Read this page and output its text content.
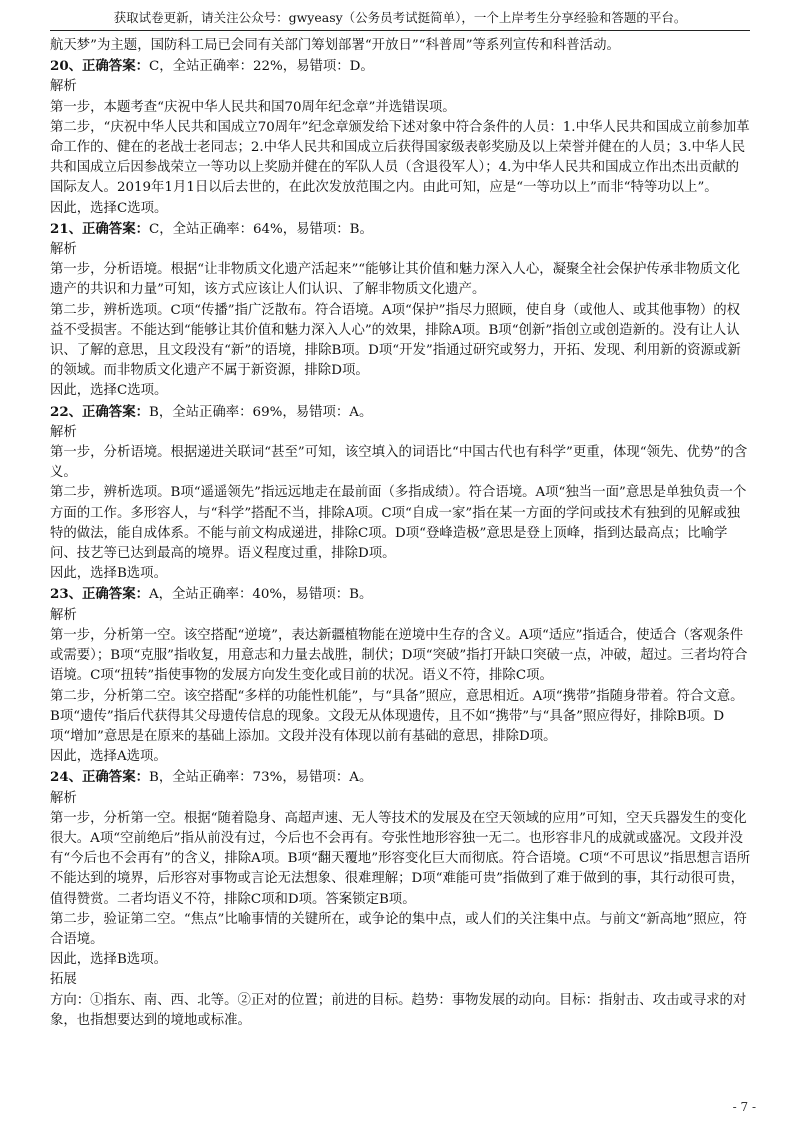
获取试卷更新，请关注公众号：gwyeasy（公务员考试挺简单），一个上岸考生分享经验和答题的平台。

航天梦”为主题，国防科工局已会同有关部门筹划部署“开放日”“科普周”等系列宣传和科普活动。

20、正确答案：C，全站正确率：22%，易错项：D。

解析

第一步，本题考查“庆祝中华人民共和国70周年纪念章”并选错误项。

第二步，“庆祝中华人民共和国成立70周年”纪念章颁发给下述对象中符合条件的人员：1.中华人民共和国成立前参加革命工作的、健在的老战士老同志；2.中华人民共和国成立后获得国家级表彰奖励及以上荣誉并健在的人员；3.中华人民共和国成立后因参战荣立一等功以上奖励并健在的军队人员（含退役军人）；4.为中华人民共和国成立作出杰出贡献的国际友人。2019年1月1日以后去世的，在此次发放范围之内。由此可知，应是“一等功以上”而非“特等功以上”。

因此，选择C选项。

21、正确答案：C，全站正确率：64%，易错项：B。

解析

第一步，分析语境。根据“让非物质文化遗产活起来”“能够让其价值和魅力深入人心，凝聚全社会保护传承非物质文化遗产的共识和力量”可知，该方式应该让人们认识、了解非物质文化遗产。

第二步，辨析选项。C项“传播”指广泛散布。符合语境。A项“保护”指尽力照顾，使自身（或他人、或其他事物）的权益不受损害。不能达到“能够让其价值和魅力深入人心”的效果，排除A项。B项“创新”指创立或创造新的。没有让人认识、了解的意思，且文段没有“新”的语境，排除B项。D项“开发”指通过研究或努力，开拓、发现、利用新的资源或新的领域。而非物质文化遗产不属于新资源，排除D项。

因此，选择C选项。

22、正确答案：B，全站正确率：69%，易错项：A。

解析

第一步，分析语境。根据递进关联词“甚至”可知，该空填入的词语比“中国古代也有科学”更重，体现“领先、优势”的含义。

第二步，辨析选项。B项“遥遥领先”指远远地走在最前面（多指成绩）。符合语境。A项“独当一面”意思是单独负责一个方面的工作。多形容人，与“科学”搭配不当，排除A项。C项“自成一家”指在某一方面的学问或技术有独到的见解或独特的做法，能自成体系。不能与前文构成递进，排除C项。D项“登峰造极”意思是登上顶峰，指到达最高点；比喻学问、技艺等已达到最高的境界。语义程度过重，排除D项。

因此，选择B选项。

23、正确答案：A，全站正确率：40%，易错项：B。

解析

第一步，分析第一空。该空搭配“逆境”，表达新疆植物能在逆境中生存的含义。A项“适应”指适合，使适合（客观条件或需要）；B项“克服”指收复，用意志和力量去战胜，制伏；D项“突破”指打开缺口突破一点，冲破，超过。三者均符合语境。C项“扭转”指使事物的发展方向发生变化或目前的状况。语义不符，排除C项。

第二步，分析第二空。该空搭配“多样的功能性机能”，与“具备”照应，意思相近。A项“携带”指随身带着。符合文意。B项“遗传”指后代获得其父母遗传信息的现象。文段无从体现遗传，且不如“携带”与“具备”照应得好，排除B项。D项“增加”意思是在原来的基础上添加。文段并没有体现以前有基础的意思，排除D项。

因此，选择A选项。

24、正确答案：B，全站正确率：73%，易错项：A。

解析

第一步，分析第一空。根据“随着隐身、高超声速、无人等技术的发展及在空天领域的应用”可知，空天兵器发生的变化很大。A项“空前绝后”指从前没有过，今后也不会再有。夸张性地形容独一无二。也形容非凡的成就或盛况。文段并没有“今后也不会再有”的含义，排除A项。B项“翻天覆地”形容变化巨大而彻底。符合语境。C项“不可思议”指思想言语所不能达到的境界，后形容对事物或言论无法想象、很难理解；D项“难能可贵”指做到了难于做到的事，其行动很可贵，值得赞赏。二者均语义不符，排除C项和D项。答案锁定B项。

第二步，验证第二空。“焦点”比喻事情的关键所在，或争论的集中点，或人们的关注集中点。与前文“新高地”照应，符合语境。

因此，选择B选项。

拓展

方向：①指东、南、西、北等。②正对的位置；前进的目标。趋势：事物发展的动向。目标：指射击、攻击或寻求的对象，也指想要达到的境地或标准。

- 7 -
